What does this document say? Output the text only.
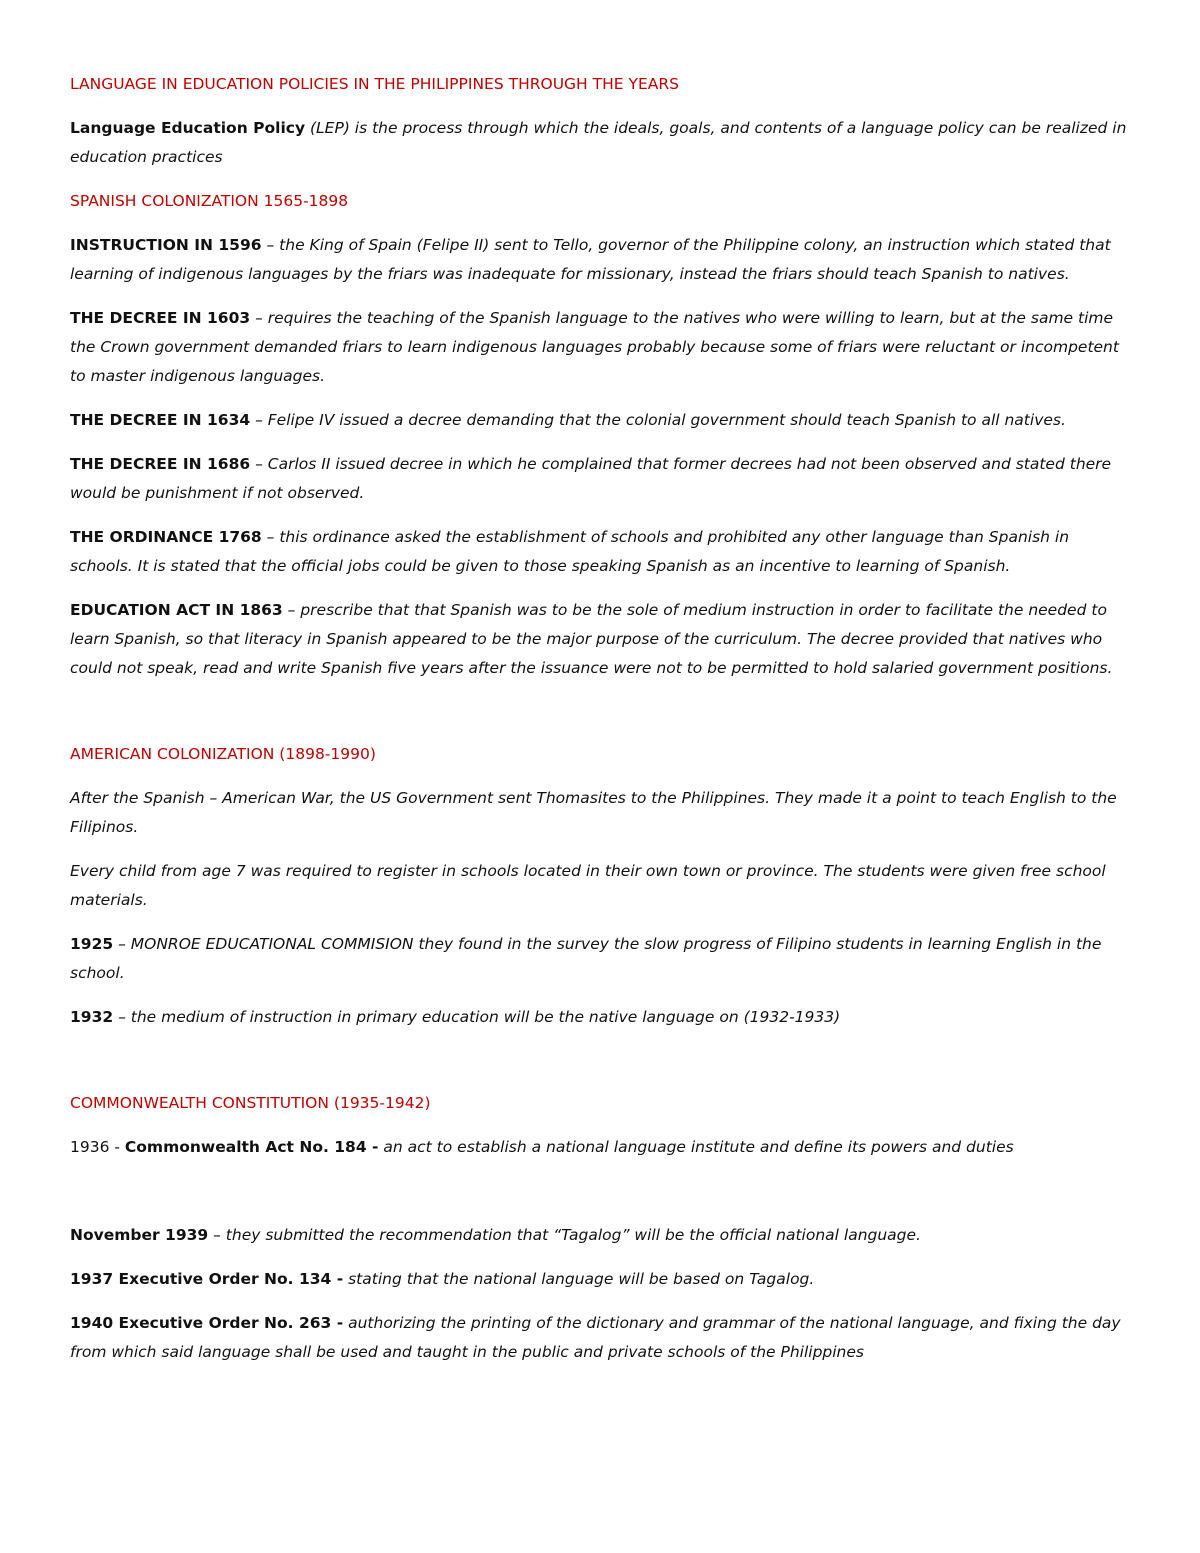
LANGUAGE IN EDUCATION POLICIES IN THE PHILIPPINES THROUGH THE YEARS
Language Education Policy (LEP) is the process through which the ideals, goals, and contents of a language policy can be realized in education practices
SPANISH COLONIZATION 1565-1898
INSTRUCTION IN 1596 – the King of Spain (Felipe II) sent to Tello, governor of the Philippine colony, an instruction which stated that learning of indigenous languages by the friars was inadequate for missionary, instead the friars should teach Spanish to natives.
THE DECREE IN 1603 – requires the teaching of the Spanish language to the natives who were willing to learn, but at the same time the Crown government demanded friars to learn indigenous languages probably because some of friars were reluctant or incompetent to master indigenous languages.
THE DECREE IN 1634 – Felipe IV issued a decree demanding that the colonial government should teach Spanish to all natives.
THE DECREE IN 1686 – Carlos II issued decree in which he complained that former decrees had not been observed and stated there would be punishment if not observed.
THE ORDINANCE 1768 – this ordinance asked the establishment of schools and prohibited any other language than Spanish in schools. It is stated that the official jobs could be given to those speaking Spanish as an incentive to learning of Spanish.
EDUCATION ACT IN 1863 – prescribe that that Spanish was to be the sole of medium instruction in order to facilitate the needed to learn Spanish, so that literacy in Spanish appeared to be the major purpose of the curriculum. The decree provided that natives who could not speak, read and write Spanish five years after the issuance were not to be permitted to hold salaried government positions.
AMERICAN COLONIZATION (1898-1990)
After the Spanish – American War, the US Government sent Thomasites to the Philippines. They made it a point to teach English to the Filipinos.
Every child from age 7 was required to register in schools located in their own town or province. The students were given free school materials.
1925 – MONROE EDUCATIONAL COMMISION they found in the survey the slow progress of Filipino students in learning English in the school.
1932 – the medium of instruction in primary education will be the native language on (1932-1933)
COMMONWEALTH CONSTITUTION (1935-1942)
1936 - Commonwealth Act No. 184 - an act to establish a national language institute and define its powers and duties
November 1939 – they submitted the recommendation that “Tagalog” will be the official national language.
1937 Executive Order No. 134 - stating that the national language will be based on Tagalog.
1940 Executive Order No. 263 - authorizing the printing of the dictionary and grammar of the national language, and fixing the day from which said language shall be used and taught in the public and private schools of the Philippines
